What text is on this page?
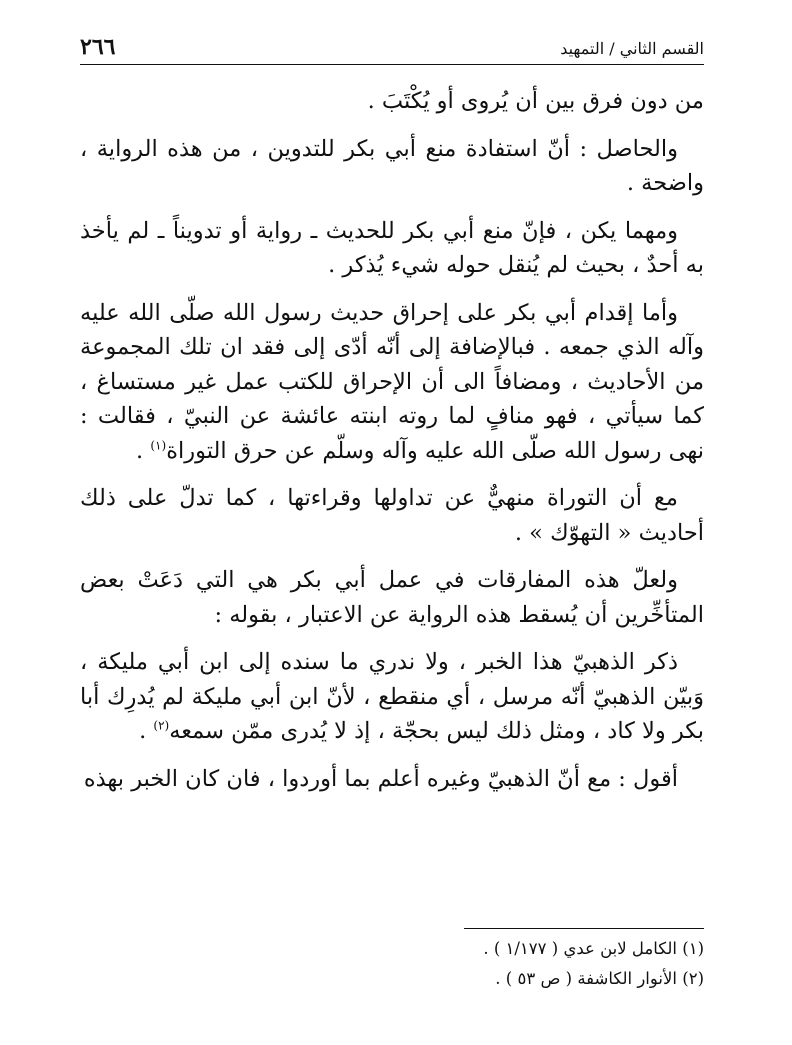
القسم الثاني / التمهيد
٢٦٦

من دون فرق بين أن يُروى أو يُكْتَبَ .

والحاصل : أنّ استفادة منع أبي بكر للتدوين ، من هذه الرواية ، واضحة .

ومهما يكن ، فإنّ منع أبي بكر للحديث ـ رواية أو تدويناً ـ لم يأخذ به أحدٌ ، بحيث لم يُنقل حوله شيء يُذكر .

وأما إقدام أبي بكر على إحراق حديث رسول الله صلّى الله عليه وآله الذي جمعه . فبالإضافة إلى أنّه أدّى إلى فقد ان تلك المجموعة من الأحاديث ، ومضافاً الى أن الإحراق للكتب عمل غير مستساغ ، كما سيأتي ، فهو منافٍ لما روته ابنته عائشة عن النبيّ ، فقالت : نهى رسول الله صلّى الله عليه وآله وسلّم عن حرق التوراة$^{(١)}$ .

مع أن التوراة منهيٌّ عن تداولها وقراءتها ، كما تدلّ على ذلك أحاديث « التهوّك » .

ولعلّ هذه المفارقات في عمل أبي بكر هي التي دَعَتْ بعض المتأخِّرين أن يُسقط هذه الرواية عن الاعتبار ، بقوله :

ذكر الذهبيّ هذا الخبر ، ولا ندري ما سنده إلى ابن أبي مليكة ، وَبيّن الذهبيّ أنّه مرسل ، أي منقطع ، لأنّ ابن أبي مليكة لم يُدرِك أبا بكر ولا كاد ، ومثل ذلك ليس بحجّة ، إذ لا يُدرى ممّن سمعه$^{(٢)}$ .

أقول : مع أنّ الذهبيّ وغيره أعلم بما أوردوا ، فان كان الخبر بهذه

(١) الكامل لابن عدي ( ١/١٧٧ ) .
(٢) الأنوار الكاشفة ( ص ٥٣ ) .
